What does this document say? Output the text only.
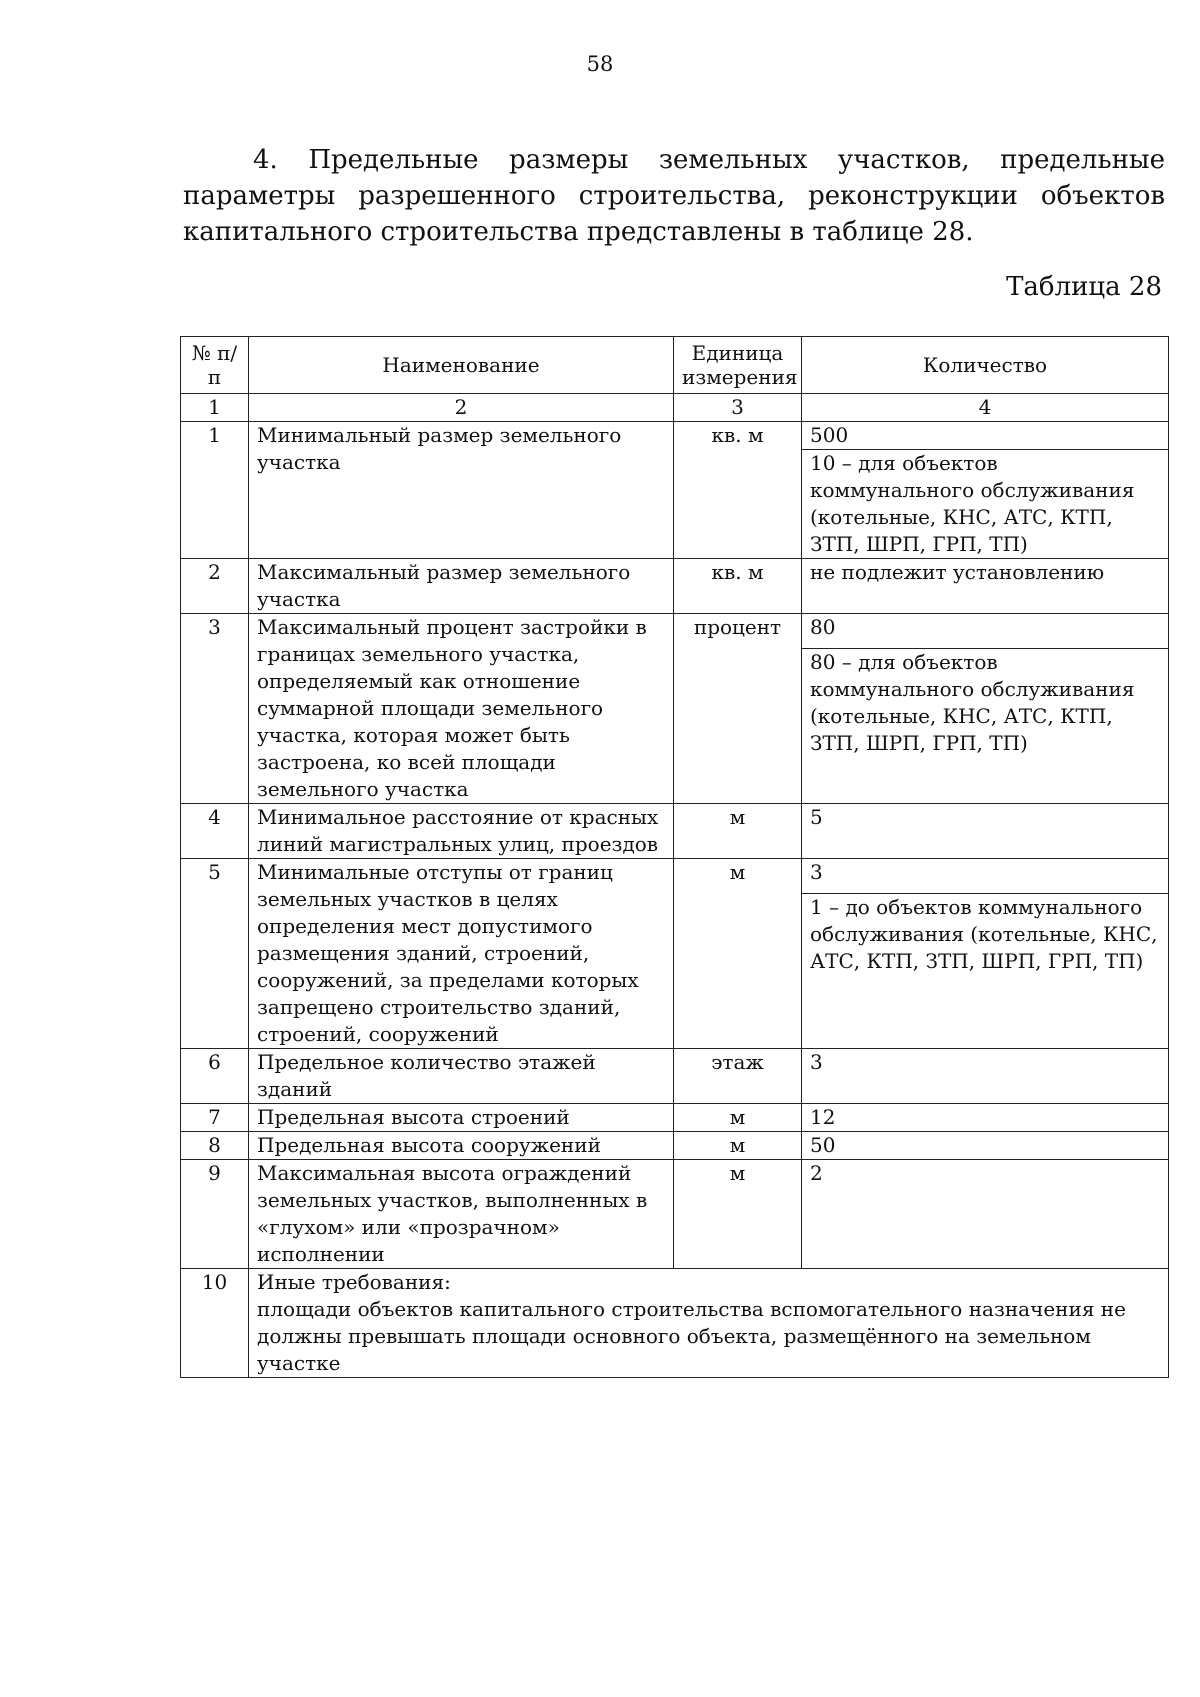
58
4. Предельные размеры земельных участков, предельные параметры разрешенного строительства, реконструкции объектов капитального строительства представлены в таблице 28.
Таблица 28
№ п/п	Наименование	Единица измерения	Количество
1	2	3	4
1	Минимальный размер земельного участка	кв. м	500
			10 – для объектов коммунального обслуживания (котельные, КНС, АТС, КТП, ЗТП, ШРП, ГРП, ТП)
2	Максимальный размер земельного участка	кв. м	не подлежит установлению
3	Максимальный процент застройки в границах земельного участка, определяемый как отношение суммарной площади земельного участка, которая может быть застроена, ко всей площади земельного участка	процент	80
			80 – для объектов коммунального обслуживания (котельные, КНС, АТС, КТП, ЗТП, ШРП, ГРП, ТП)
4	Минимальное расстояние от красных линий магистральных улиц, проездов	м	5
5	Минимальные отступы от границ земельных участков в целях определения мест допустимого размещения зданий, строений, сооружений, за пределами которых запрещено строительство зданий, строений, сооружений	м	3
			1 – до объектов коммунального обслуживания (котельные, КНС, АТС, КТП, ЗТП, ШРП, ГРП, ТП)
6	Предельное количество этажей зданий	этаж	3
7	Предельная высота строений	м	12
8	Предельная высота сооружений	м	50
9	Максимальная высота ограждений земельных участков, выполненных в «глухом» или «прозрачном» исполнении	м	2
10	Иные требования:
площади объектов капитального строительства вспомогательного назначения не должны превышать площади основного объекта, размещённого на земельном участке		
